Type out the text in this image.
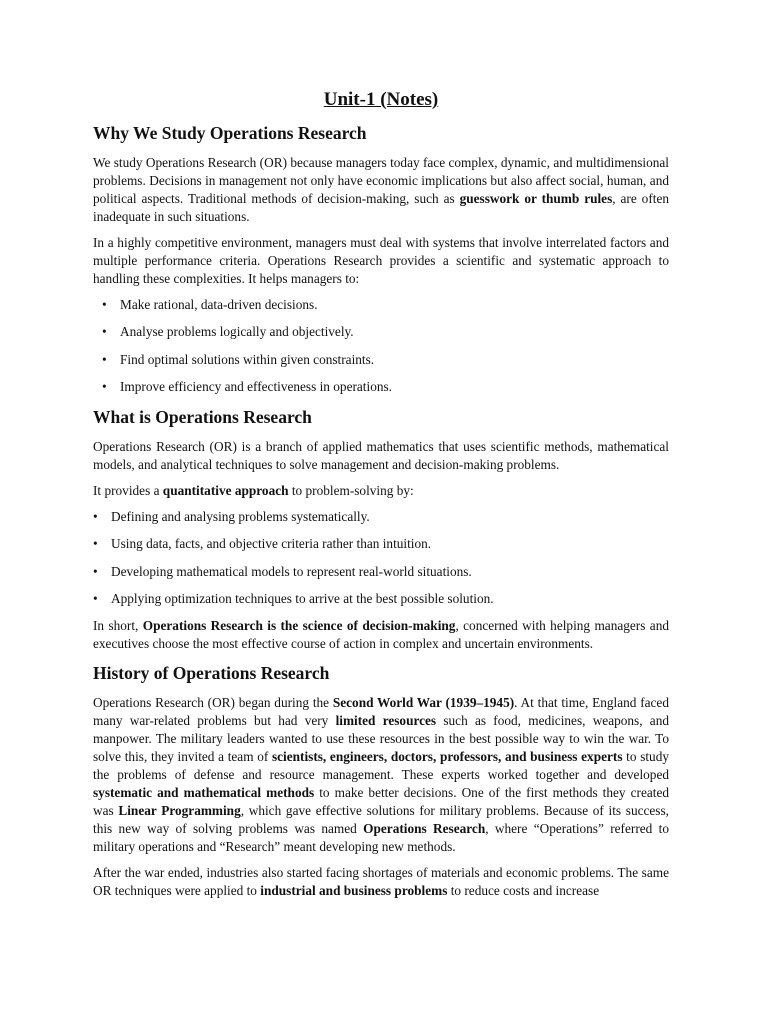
Unit-1 (Notes)
Why We Study Operations Research

We study Operations Research (OR) because managers today face complex, dynamic, and multidimensional problems. Decisions in management not only have economic implications but also affect social, human, and political aspects. Traditional methods of decision-making, such as guesswork or thumb rules, are often inadequate in such situations.

In a highly competitive environment, managers must deal with systems that involve interrelated factors and multiple performance criteria. Operations Research provides a scientific and systematic approach to handling these complexities. It helps managers to:

• Make rational, data-driven decisions.
• Analyse problems logically and objectively.
• Find optimal solutions within given constraints.
• Improve efficiency and effectiveness in operations.
What is Operations Research

Operations Research (OR) is a branch of applied mathematics that uses scientific methods, mathematical models, and analytical techniques to solve management and decision-making problems.

It provides a quantitative approach to problem-solving by:

• Defining and analysing problems systematically.
• Using data, facts, and objective criteria rather than intuition.
• Developing mathematical models to represent real-world situations.
• Applying optimization techniques to arrive at the best possible solution.

In short, Operations Research is the science of decision-making, concerned with helping managers and executives choose the most effective course of action in complex and uncertain environments.

History of Operations Research

Operations Research (OR) began during the Second World War (1939–1945). At that time, England faced many war-related problems but had very limited resources such as food, medicines, weapons, and manpower. The military leaders wanted to use these resources in the best possible way to win the war. To solve this, they invited a team of scientists, engineers, doctors, professors, and business experts to study the problems of defense and resource management. These experts worked together and developed systematic and mathematical methods to make better decisions. One of the first methods they created was Linear Programming, which gave effective solutions for military problems. Because of its success, this new way of solving problems was named Operations Research, where “Operations” referred to military operations and “Research” meant developing new methods.

After the war ended, industries also started facing shortages of materials and economic problems. The same OR techniques were applied to industrial and business problems to reduce costs and increase
